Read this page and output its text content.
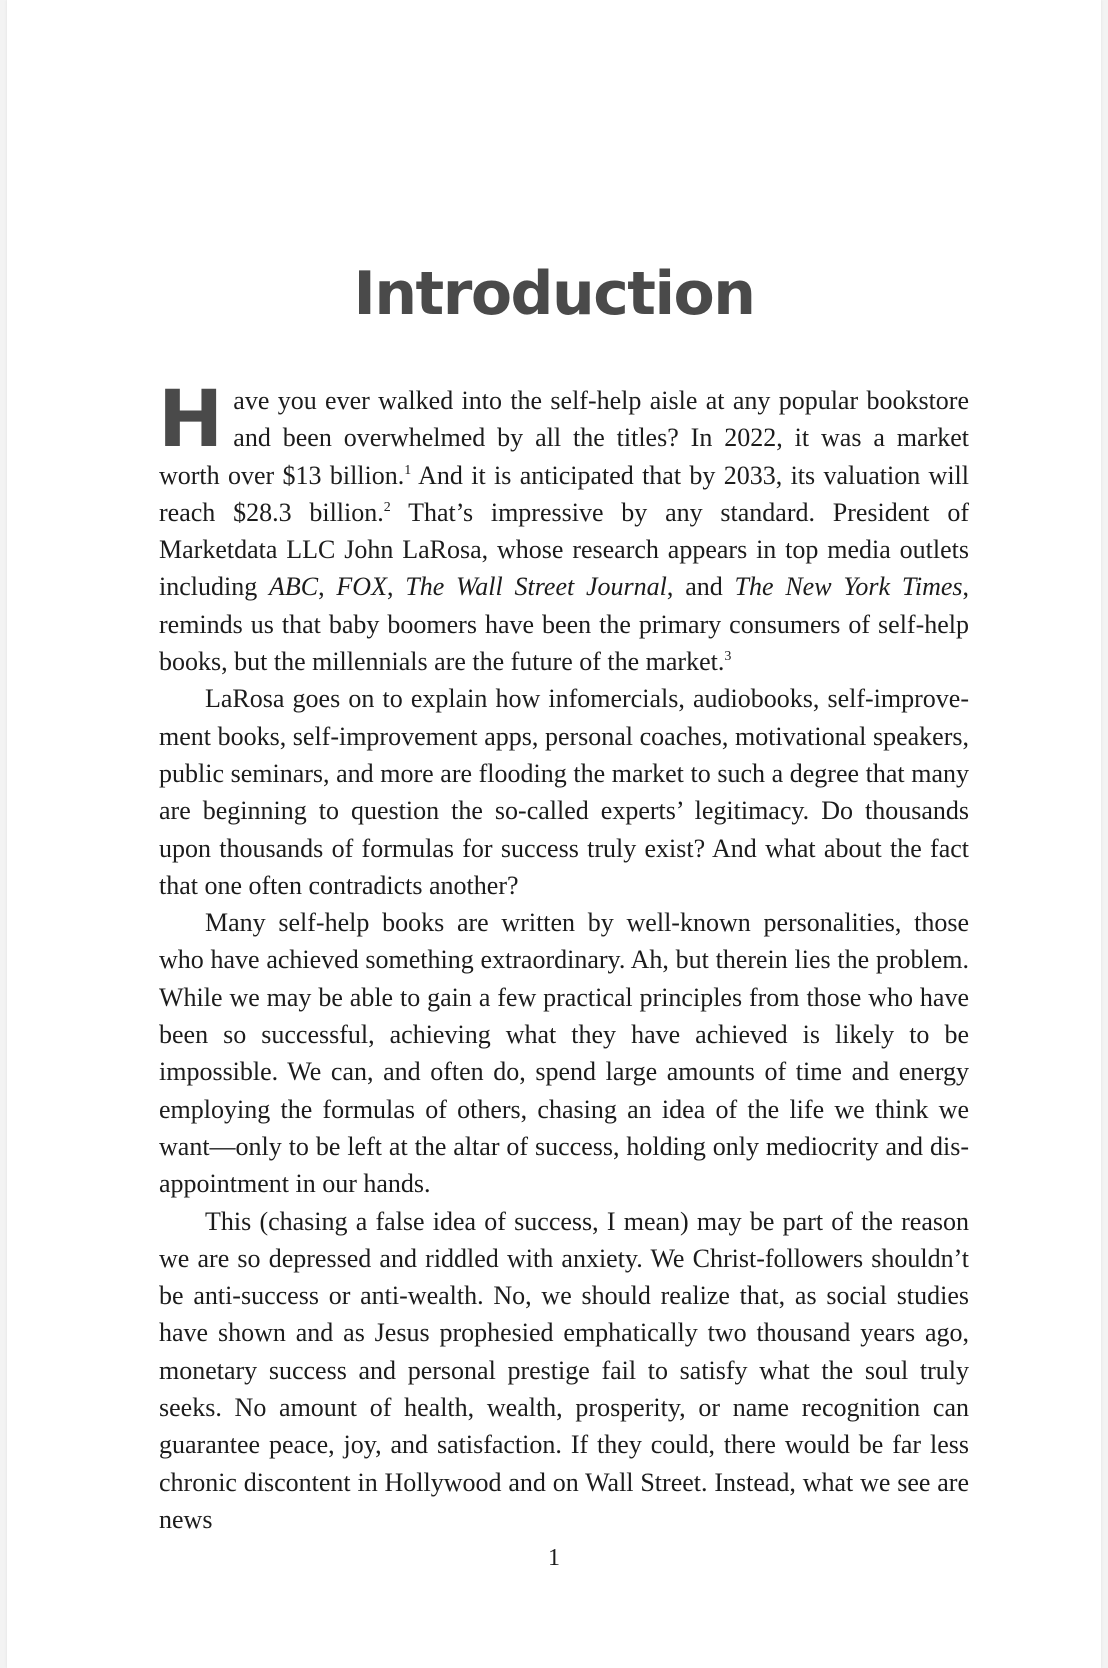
Introduction

Have you ever walked into the self-help aisle at any popular bookstore and been overwhelmed by all the titles? In 2022, it was a market worth over $13 billion.$^1$ And it is anticipated that by 2033, its valuation will reach $28.3 billion.$^2$ That’s impressive by any standard. President of Marketdata LLC John LaRosa, whose research appears in top media outlets including ABC, FOX, The Wall Street Journal, and The New York Times, reminds us that baby boomers have been the primary consumers of self-help books, but the millennials are the future of the market.$^3$

LaRosa goes on to explain how infomercials, audiobooks, self-improvement books, self-improvement apps, personal coaches, motivational speakers, public seminars, and more are flooding the market to such a degree that many are beginning to question the so-called experts’ legitimacy. Do thousands upon thousands of formulas for success truly exist? And what about the fact that one often contradicts another?

Many self-help books are written by well-known personalities, those who have achieved something extraordinary. Ah, but therein lies the problem. While we may be able to gain a few practical principles from those who have been so successful, achieving what they have achieved is likely to be impossible. We can, and often do, spend large amounts of time and energy employing the formulas of others, chasing an idea of the life we think we want—only to be left at the altar of success, holding only mediocrity and disappointment in our hands.

This (chasing a false idea of success, I mean) may be part of the reason we are so depressed and riddled with anxiety. We Christ-followers shouldn’t be anti-success or anti-wealth. No, we should realize that, as social studies have shown and as Jesus prophesied emphatically two thousand years ago, monetary success and personal prestige fail to satisfy what the soul truly seeks. No amount of health, wealth, prosperity, or name recognition can guarantee peace, joy, and satisfaction. If they could, there would be far less chronic discontent in Hollywood and on Wall Street. Instead, what we see are news

1
